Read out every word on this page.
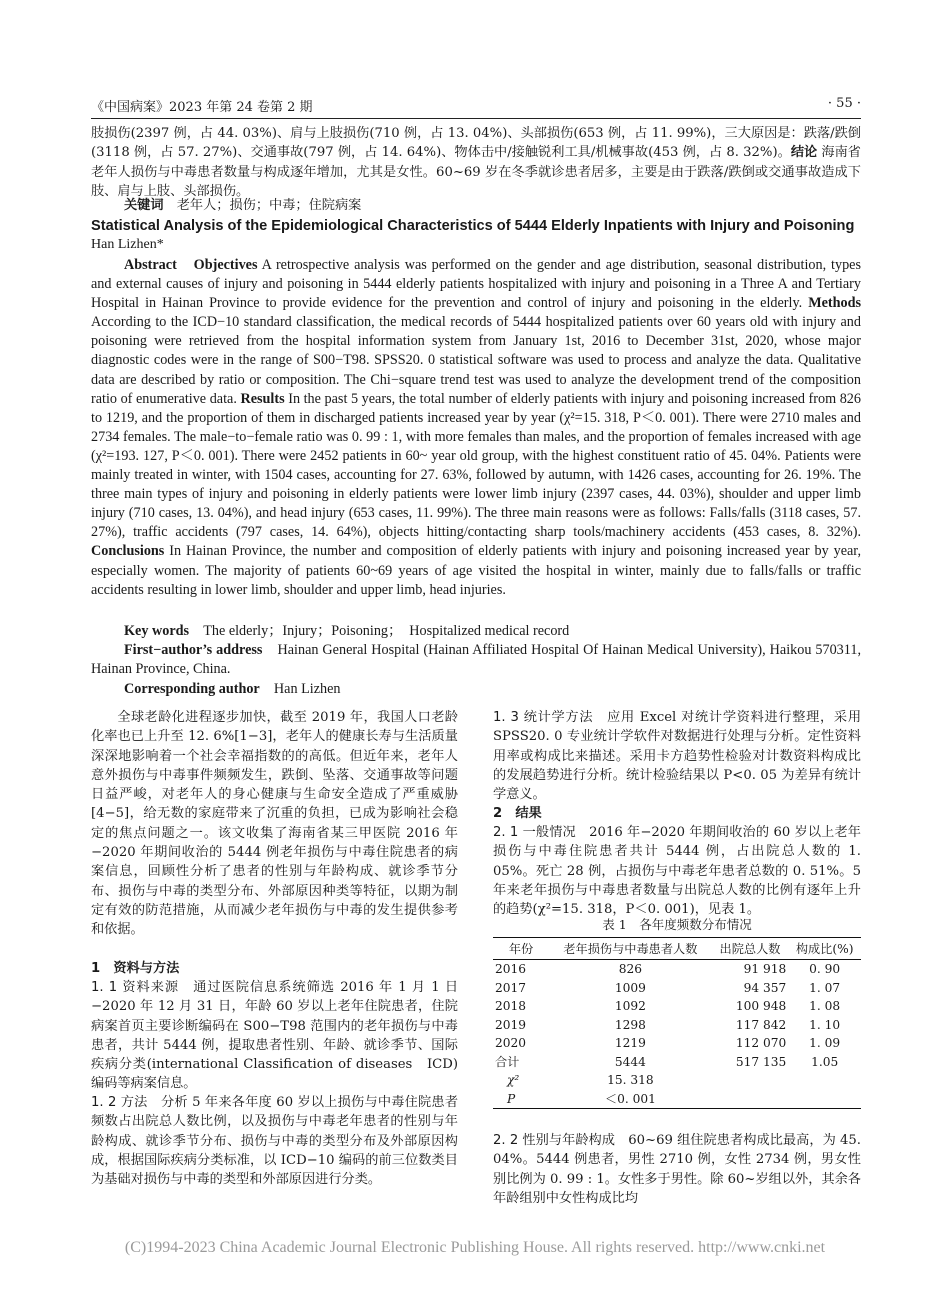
《中国病案》2023 年第 24 卷第 2 期	· 55 ·

肢损伤(2397 例，占 44. 03%)、肩与上肢损伤(710 例，占 13. 04%)、头部损伤(653 例，占 11. 99%)，三大原因是：跌落/跌倒(3118 例，占 57. 27%)、交通事故(797 例，占 14. 64%)、物体击中/接触锐利工具/机械事故(453 例，占 8. 32%)。结论 海南省老年人损伤与中毒患者数量与构成逐年增加，尤其是女性。60~69 岁在冬季就诊患者居多，主要是由于跌落/跌倒或交通事故造成下肢、肩与上肢、头部损伤。

关键词　老年人；损伤；中毒；住院病案

Statistical Analysis of the Epidemiological Characteristics of 5444 Elderly Inpatients with Injury and Poisoning
Han Lizhen*

Abstract　 Objectives A retrospective analysis was performed on the gender and age distribution, seasonal distribution, types and external causes of injury and poisoning in 5444 elderly patients hospitalized with injury and poisoning in a Three A and Tertiary Hospital in Hainan Province to provide evidence for the prevention and control of injury and poisoning in the elderly. Methods According to the ICD−10 standard classification, the medical records of 5444 hospitalized patients over 60 years old with injury and poisoning were retrieved from the hospital information system from January 1st, 2016 to December 31st, 2020, whose major diagnostic codes were in the range of S00−T98. SPSS20. 0 statistical software was used to process and analyze the data. Qualitative data are described by ratio or composition. The Chi−square trend test was used to analyze the development trend of the composition ratio of enumerative data. Results In the past 5 years, the total number of elderly patients with injury and poisoning increased from 826 to 1219, and the proportion of them in discharged patients increased year by year (χ²=15. 318, P＜0. 001). There were 2710 males and 2734 females. The male−to−female ratio was 0. 99 : 1, with more females than males, and the proportion of females increased with age (χ²=193. 127, P＜0. 001). There were 2452 patients in 60~ year old group, with the highest constituent ratio of 45. 04%. Patients were mainly treated in winter, with 1504 cases, accounting for 27. 63%, followed by autumn, with 1426 cases, accounting for 26. 19%. The three main types of injury and poisoning in elderly patients were lower limb injury (2397 cases, 44. 03%), shoulder and upper limb injury (710 cases, 13. 04%), and head injury (653 cases, 11. 99%). The three main reasons were as follows: Falls/falls (3118 cases, 57. 27%), traffic accidents (797 cases, 14. 64%), objects hitting/contacting sharp tools/machinery accidents (453 cases, 8. 32%). Conclusions In Hainan Province, the number and composition of elderly patients with injury and poisoning increased year by year, especially women. The majority of patients 60~69 years of age visited the hospital in winter, mainly due to falls/falls or traffic accidents resulting in lower limb, shoulder and upper limb, head injuries.

Key words　The elderly；Injury；Poisoning；　Hospitalized medical record

First−author’s address　Hainan General Hospital (Hainan Affiliated Hospital Of Hainan Medical University), Haikou 570311, Hainan Province, China.

Corresponding author　Han Lizhen

全球老龄化进程逐步加快，截至 2019 年，我国人口老龄化率也已上升至 12. 6%[1−3]，老年人的健康长寿与生活质量深深地影响着一个社会幸福指数的的高低。但近年来，老年人意外损伤与中毒事件频频发生，跌倒、坠落、交通事故等问题日益严峻，对老年人的身心健康与生命安全造成了严重威胁[4−5]，给无数的家庭带来了沉重的负担，已成为影响社会稳定的焦点问题之一。该文收集了海南省某三甲医院 2016 年−2020 年期间收治的 5444 例老年损伤与中毒住院患者的病案信息，回顾性分析了患者的性别与年龄构成、就诊季节分布、损伤与中毒的类型分布、外部原因种类等特征，以期为制定有效的防范措施，从而减少老年损伤与中毒的发生提供参考和依据。

1　资料与方法

1. 1 资料来源　通过医院信息系统筛选 2016 年 1 月 1 日−2020 年 12 月 31 日，年龄 60 岁以上老年住院患者，住院病案首页主要诊断编码在 S00−T98 范围内的老年损伤与中毒患者，共计 5444 例，提取患者性别、年龄、就诊季节、国际疾病分类(international Classification of diseases　ICD)编码等病案信息。

1. 2 方法　分析 5 年来各年度 60 岁以上损伤与中毒住院患者频数占出院总人数比例，以及损伤与中毒老年患者的性别与年龄构成、就诊季节分布、损伤与中毒的类型分布及外部原因构成，根据国际疾病分类标准，以 ICD−10 编码的前三位数类目为基础对损伤与中毒的类型和外部原因进行分类。

1. 3 统计学方法　应用 Excel 对统计学资料进行整理，采用 SPSS20. 0 专业统计学软件对数据进行处理与分析。定性资料用率或构成比来描述。采用卡方趋势性检验对计数资料构成比的发展趋势进行分析。统计检验结果以 P<0. 05 为差异有统计学意义。

2　结果

2. 1 一般情况　2016 年−2020 年期间收治的 60 岁以上老年损伤与中毒住院患者共计 5444 例，占出院总人数的 1. 05%。死亡 28 例，占损伤与中毒老年患者总数的 0. 51%。5 年来老年损伤与中毒患者数量与出院总人数的比例有逐年上升的趋势(χ²=15. 318，P＜0. 001)，见表 1。

表 1　各年度频数分布情况
年份	老年损伤与中毒患者人数	出院总人数	构成比(%)
2016	826	91 918	0. 90
2017	1009	94 357	1. 07
2018	1092	100 948	1. 08
2019	1298	117 842	1. 10
2020	1219	112 070	1. 09
合计	5444	517 135	1.05
χ²	15. 318		
P	＜0. 001		

2. 2 性别与年龄构成　60~69 组住院患者构成比最高，为 45. 04%。5444 例患者，男性 2710 例，女性 2734 例，男女性别比例为 0. 99 : 1。女性多于男性。除 60~岁组以外，其余各年龄组别中女性构成比均

(C)1994-2023 China Academic Journal Electronic Publishing House. All rights reserved. http://www.cnki.net
